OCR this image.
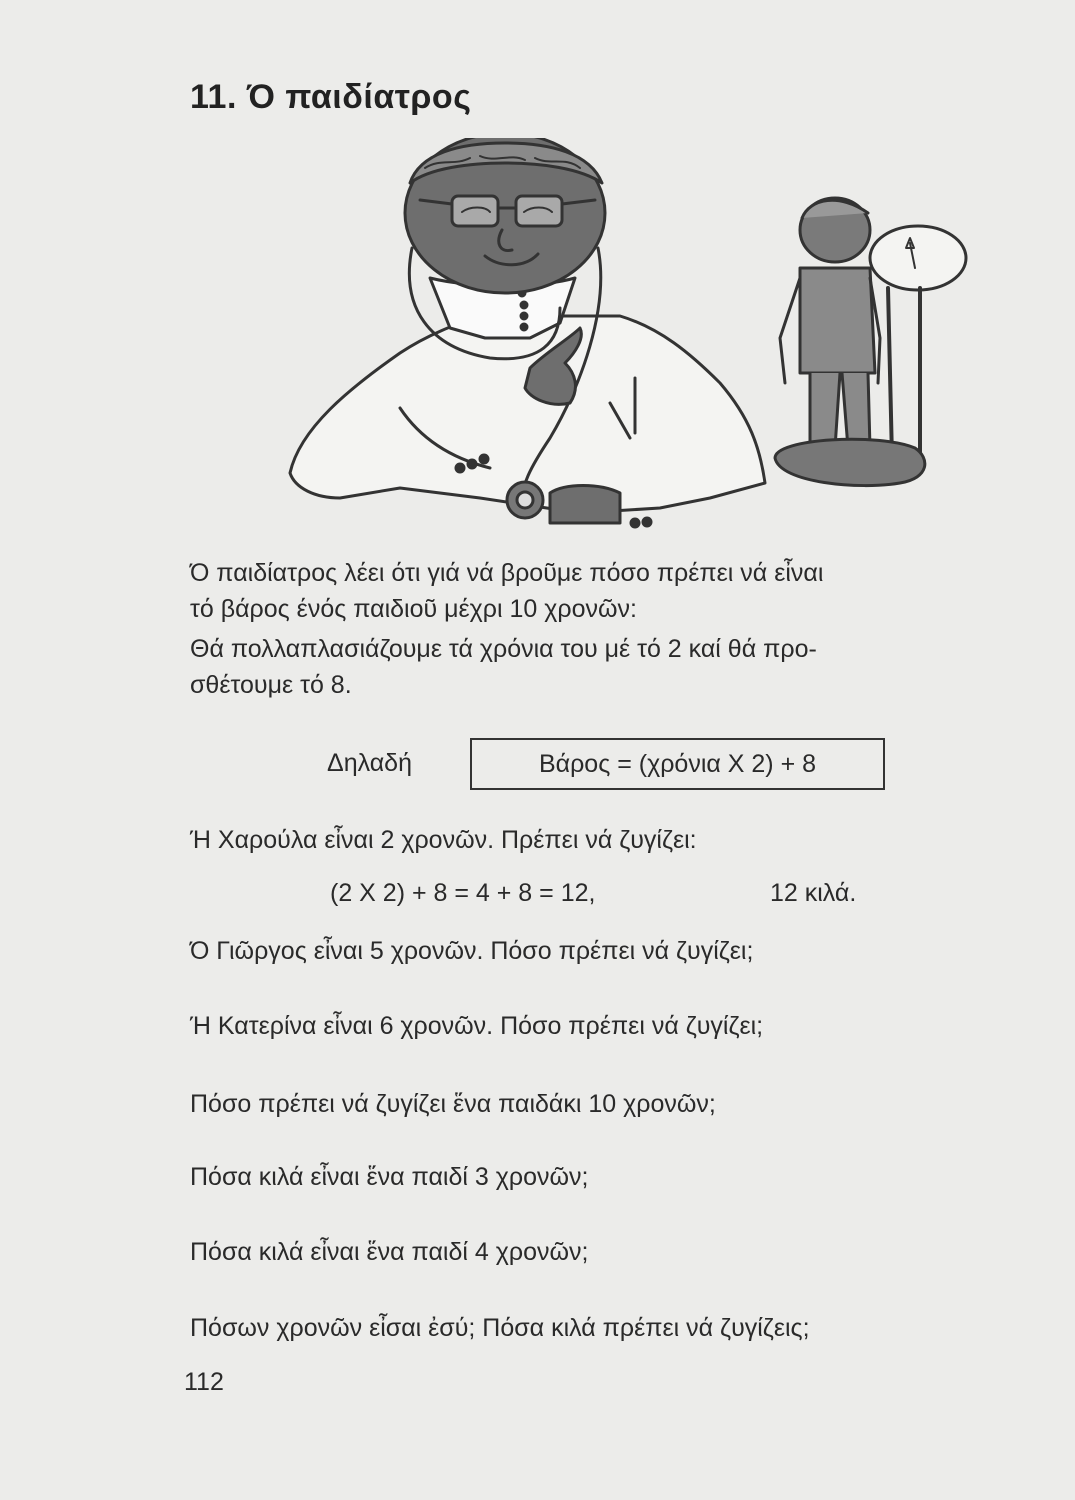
11. Ό παιδίατρος
Ό παιδίατρος λέει ότι γιά νά βροῦμε πόσο πρέπει νά εἶναι
τό βάρος ένός παιδιοῦ μέχρι 10 χρονῶν:
Θά πολλαπλασιάζουμε τά χρόνια του μέ τό 2 καί θά προ-
σθέτουμε τό 8.
Δηλαδή	Βάρος = (χρόνια Χ 2) + 8
Ή Χαρούλα εἶναι 2 χρονῶν. Πρέπει νά ζυγίζει:
(2 Χ 2) + 8 = 4 + 8 = 12,	12 κιλά.
Ό Γιῶργος εἶναι 5 χρονῶν. Πόσο πρέπει νά ζυγίζει;
Ή Κατερίνα εἶναι 6 χρονῶν. Πόσο πρέπει νά ζυγίζει;
Πόσο πρέπει νά ζυγίζει ἕνα παιδάκι 10 χρονῶν;
Πόσα κιλά εἶναι ἕνα παιδί 3 χρονῶν;
Πόσα κιλά εἶναι ἕνα παιδί 4 χρονῶν;
Πόσων χρονῶν εἶσαι ἐσύ; Πόσα κιλά πρέπει νά ζυγίζεις;
112
